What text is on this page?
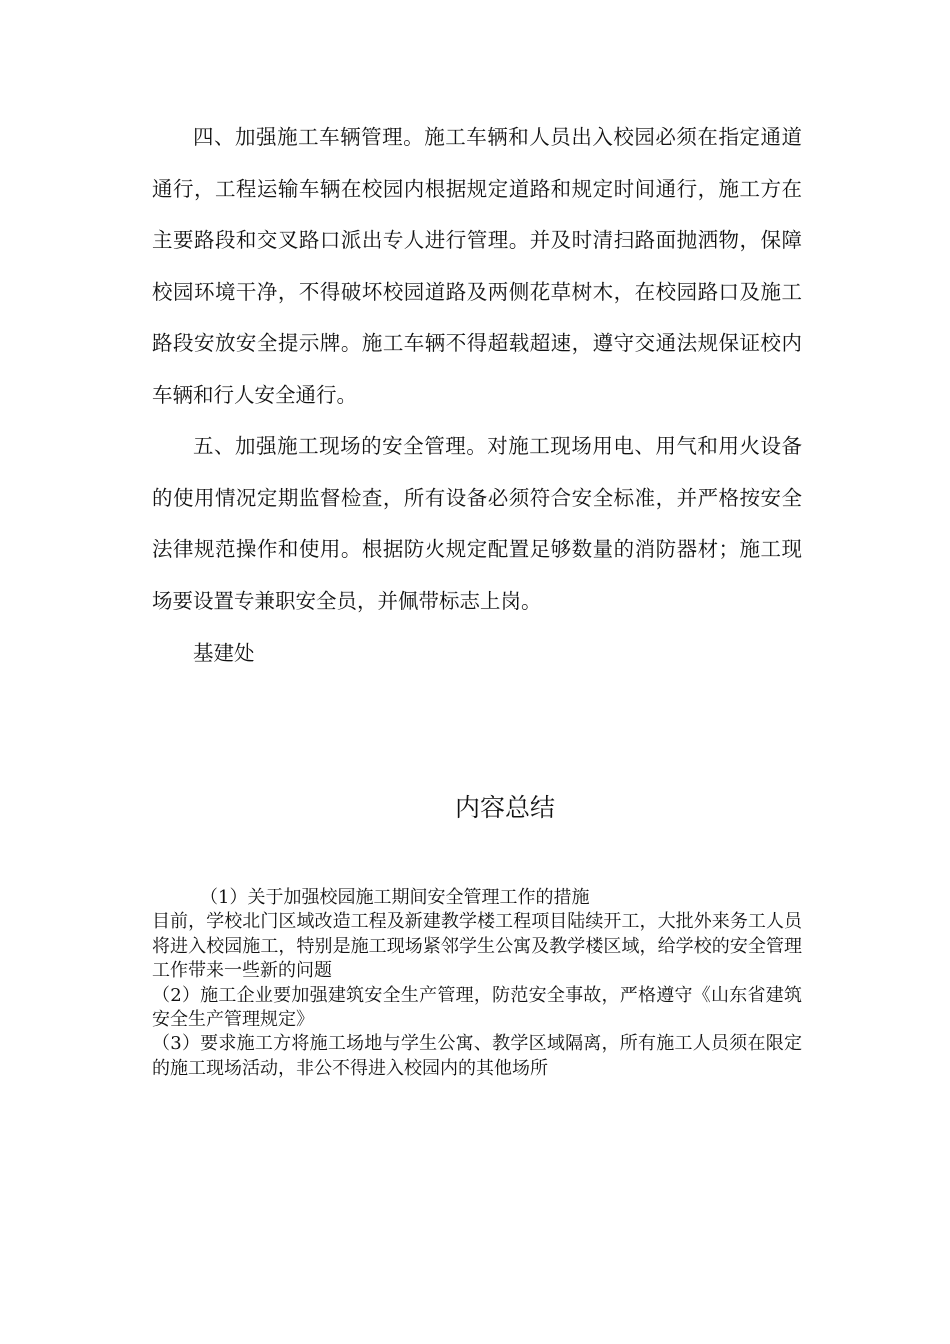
四、加强施工车辆管理。施工车辆和人员出入校园必须在指定通道通行，工程运输车辆在校园内根据规定道路和规定时间通行，施工方在主要路段和交叉路口派出专人进行管理。并及时清扫路面抛洒物，保障校园环境干净，不得破坏校园道路及两侧花草树木，在校园路口及施工路段安放安全提示牌。施工车辆不得超载超速，遵守交通法规保证校内车辆和行人安全通行。

五、加强施工现场的安全管理。对施工现场用电、用气和用火设备的使用情况定期监督检查，所有设备必须符合安全标准，并严格按安全法律规范操作和使用。根据防火规定配置足够数量的消防器材；施工现场要设置专兼职安全员，并佩带标志上岗。

基建处

内容总结

（1）关于加强校园施工期间安全管理工作的措施

目前，学校北门区域改造工程及新建教学楼工程项目陆续开工，大批外来务工人员将进入校园施工，特别是施工现场紧邻学生公寓及教学楼区域，给学校的安全管理工作带来一些新的问题

（2）施工企业要加强建筑安全生产管理，防范安全事故，严格遵守《山东省建筑安全生产管理规定》

（3）要求施工方将施工场地与学生公寓、教学区域隔离，所有施工人员须在限定的施工现场活动，非公不得进入校园内的其他场所
